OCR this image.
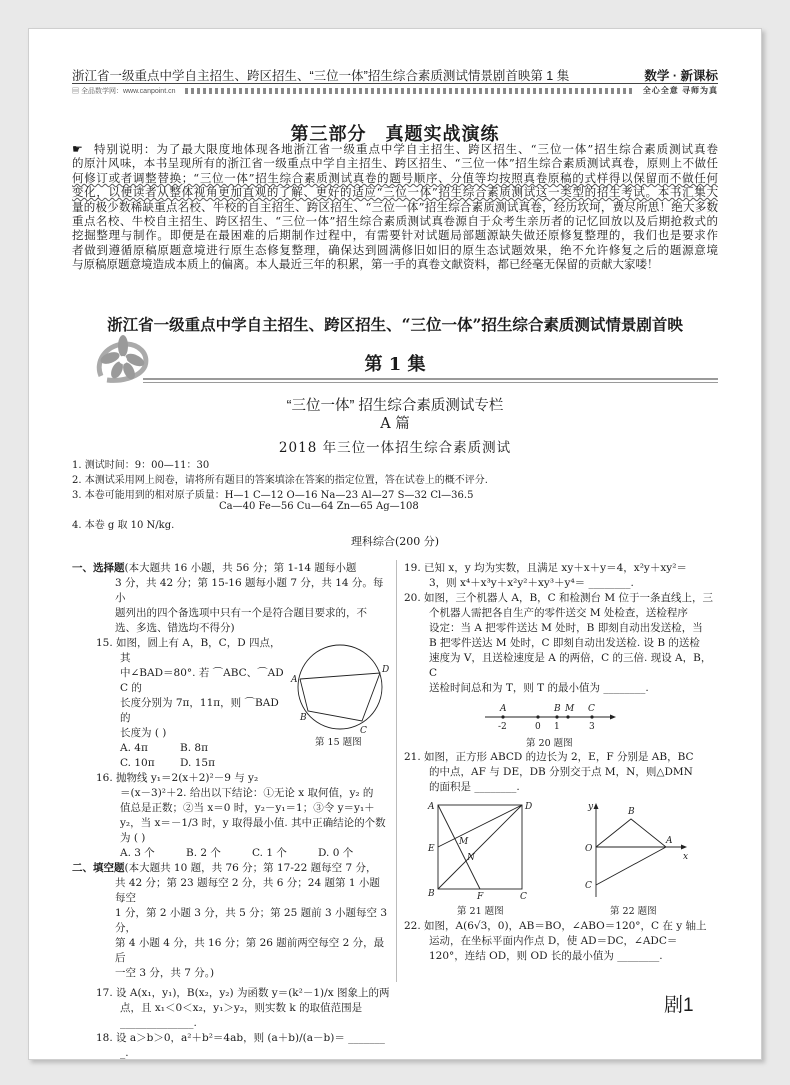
浙江省一级重点中学自主招生、跨区招生、“三位一体”招生综合素质测试情景剧首映第 1 集	数学 · 新课标
▤ 全品数学网：www.canpoint.cn	全心全意 寻师为真
第三部分　真题实战演练
☛ 特别说明：为了最大限度地体现各地浙江省一级重点中学自主招生、跨区招生、“三位一体”招生综合素质测试真卷
的原汁风味，本书呈现所有的浙江省一级重点中学自主招生、跨区招生、“三位一体”招生综合素质测试真卷，原则上不做任
何修订或者调整替换；“三位一体”招生综合素质测试真卷的题号顺序、分值等均按照真卷原稿的式样得以保留而不做任何
变化，以便读者从整体视角更加直观的了解、更好的适应“三位一体”招生综合素质测试这一类型的招生考试。本书汇集大
量的极少数稀缺重点名校、牛校的自主招生、跨区招生、“三位一体”招生综合素质测试真卷，经历坎坷，费尽所思！绝大多数
重点名校、牛校自主招生、跨区招生、“三位一体”招生综合素质测试真卷源自于众考生亲历者的记忆回放以及后期抢救式的
挖掘整理与制作。即便是在最困难的后期制作过程中，有需要针对试题局部题源缺失做还原修复整理的，我们也是要求作
者做到遵循原稿原题意境进行原生态修复整理，确保达到圆满修旧如旧的原生态试题效果，绝不允许修复之后的题源意境
与原稿原题意境造成本质上的偏离。本人最近三年的积累，第一手的真卷文献资料，都已经毫无保留的贡献大家喽！
浙江省一级重点中学自主招生、跨区招生、“三位一体”招生综合素质测试情景剧首映
第 1 集
“三位一体” 招生综合素质测试专栏
A 篇
2018 年三位一体招生综合素质测试
1. 测试时间：9：00—11：30
2. 本测试采用网上阅卷，请将所有题目的答案填涂在答案的指定位置，答在试卷上的概不评分.
3. 本卷可能用到的相对原子质量：H—1 C—12 O—16 Na—23 Al—27 S—32 Cl—36.5
Ca—40 Fe—56 Cu—64 Zn—65 Ag—108
4. 本卷 g 取 10 N/kg.
理科综合(200 分)
一、选择题(本大题共 16 小题，共 56 分；第 1-14 题每小题
3 分，共 42 分；第 15-16 题每小题 7 分，共 14 分。每小
题列出的四个备选项中只有一个是符合题目要求的，不
选、多选、错选均不得分)
15. 如图，圆上有 A，B，C，D 四点，其
中∠BAD＝80°. 若 ⌒ABC、⌒ADC 的
长度分别为 7π，11π，则 ⌒BAD 的
长度为 ( )
A. 4π	B. 8π
C. 10π	D. 15π
A
D
B
C
第 15 题图
16. 抛物线 y₁＝2(x＋2)²－9 与 y₂
＝(x－3)²＋2. 给出以下结论：①无论 x 取何值，y₂ 的
值总是正数；②当 x＝0 时，y₂－y₁＝1；③令 y＝y₁＋
y₂，当 x＝－1/3 时，y 取得最小值. 其中正确结论的个数
为 ( )
A. 3 个	B. 2 个	C. 1 个	D. 0 个
二、填空题(本大题共 10 题，共 76 分；第 17-22 题每空 7 分，
共 42 分；第 23 题每空 2 分，共 6 分；24 题第 1 小题每空
1 分，第 2 小题 3 分，共 5 分；第 25 题前 3 小题每空 3 分，
第 4 小题 4 分，共 16 分；第 26 题前两空每空 2 分，最后
一空 3 分，共 7 分。)
17. 设 A(x₁，y₁)，B(x₂，y₂) 为函数 y＝(k²－1)/x 图象上的两
点，且 x₁＜0＜x₂，y₁＞y₂，则实数 k 的取值范围是
______________.
18. 设 a＞b＞0，a²＋b²＝4ab，则 (a＋b)/(a－b)＝ ________.
19. 已知 x，y 均为实数，且满足 xy＋x＋y＝4，x²y＋xy²＝
3，则 x⁴＋x³y＋x²y²＋xy³＋y⁴＝ ________.
20. 如图，三个机器人 A，B，C 和检测台 M 位于一条直线上，三
个机器人需把各自生产的零件送交 M 处检查，送检程序
设定：当 A 把零件送达 M 处时，B 即刻自动出发送检，当
B 把零件送达 M 处时，C 即刻自动出发送检. 设 B 的送检
速度为 V，且送检速度是 A 的两倍，C 的三倍. 现设 A，B，C
送检时间总和为 T，则 T 的最小值为 ________.
A	B M C
-2	0 1	3
第 20 题图
21. 如图，正方形 ABCD 的边长为 2，E，F 分别是 AB，BC
的中点，AF 与 DE，DB 分别交于点 M，N，则△DMN
的面积是 ________.
A	D
E
B	F	C
M
N
第 21 题图
y
x
O
B
A
C
第 22 题图
22. 如图，A(6√3，0)，AB＝BO，∠ABO＝120°，C 在 y 轴上
运动，在坐标平面内作点 D，使 AD＝DC，∠ADC＝
120°，连结 OD，则 OD 长的最小值为 ________.
剧1
